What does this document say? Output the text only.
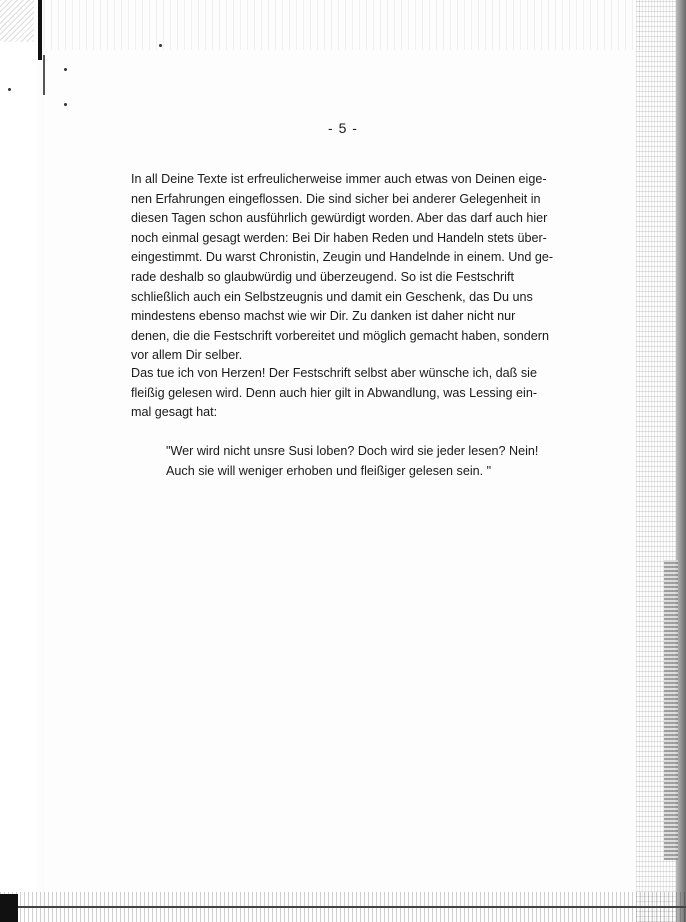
- 5 -

In all Deine Texte ist erfreulicherweise immer auch etwas von Deinen eige-
nen Erfahrungen eingeflossen. Die sind sicher bei anderer Gelegenheit in
diesen Tagen schon ausführlich gewürdigt worden. Aber das darf auch hier
noch einmal gesagt werden: Bei Dir haben Reden und Handeln stets über-
eingestimmt. Du warst Chronistin, Zeugin und Handelnde in einem. Und ge-
rade deshalb so glaubwürdig und überzeugend. So ist die Festschrift
schließlich auch ein Selbstzeugnis und damit ein Geschenk, das Du uns
mindestens ebenso machst wie wir Dir. Zu danken ist daher nicht nur
denen, die die Festschrift vorbereitet und möglich gemacht haben, sondern
vor allem Dir selber.

Das tue ich von Herzen! Der Festschrift selbst aber wünsche ich, daß sie
fleißig gelesen wird. Denn auch hier gilt in Abwandlung, was Lessing ein-
mal gesagt hat:

"Wer wird nicht unsre Susi loben? Doch wird sie jeder lesen? Nein!
Auch sie will weniger erhoben und fleißiger gelesen sein. "
